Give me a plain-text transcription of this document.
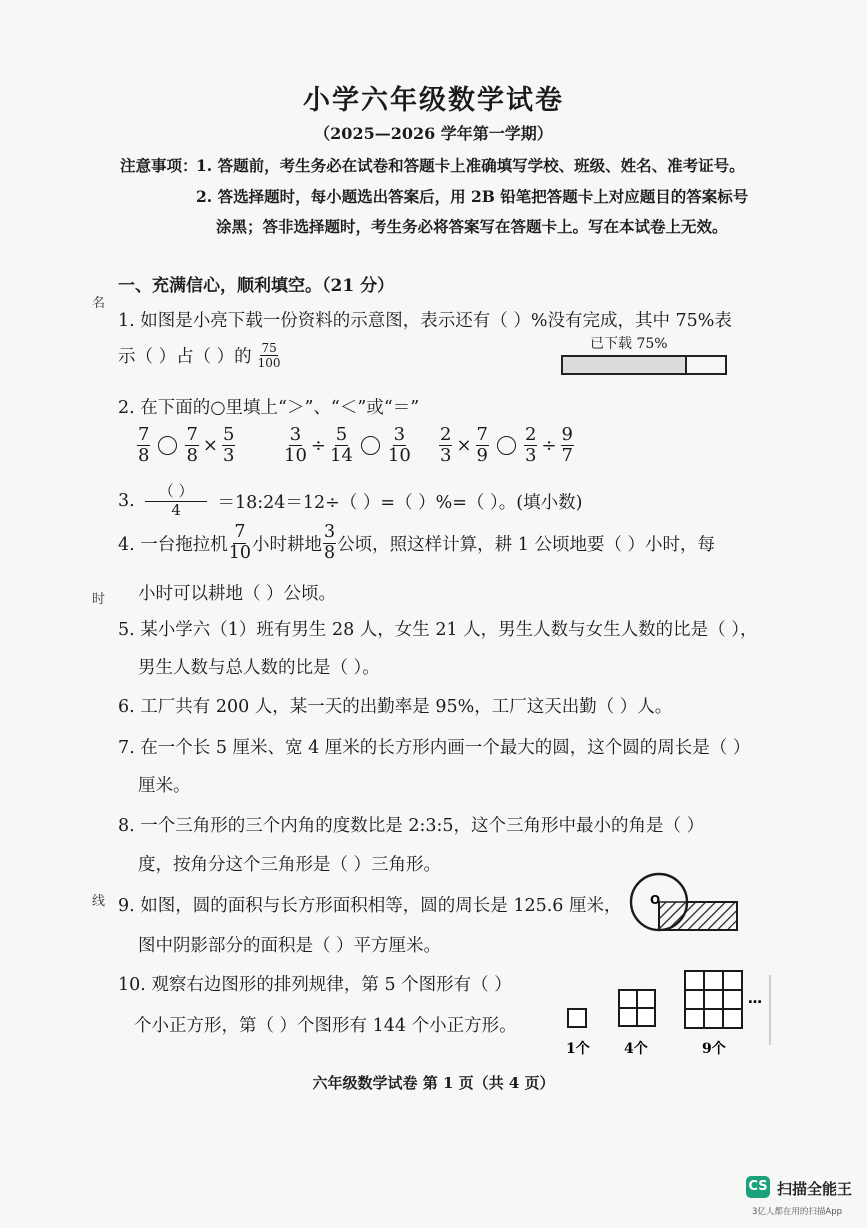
小学六年级数学试卷
（2025—2026 学年第一学期）
注意事项：
1. 答题前，考生务必在试卷和答题卡上准确填写学校、班级、姓名、准考证号。
2. 答选择题时，每小题选出答案后，用 2B 铅笔把答题卡上对应题目的答案标号
涂黑；答非选择题时，考生务必将答案写在答题卡上。写在本试卷上无效。
名
时
线
一、充满信心，顺利填空。（21 分）
1. 如图是小亮下载一份资料的示意图，表示还有（ ）%没有完成，其中 75%表
示（ ）占（ ）的 $\frac{75}{100}$	已下载 75%
2. 在下面的○里填上“＞”、“＜”或“＝”
$\frac{7}{8} \frac{7}{8} \times \frac{5}{3}$	$\frac{3}{10} \div \frac{5}{14} \frac{3}{10} \frac{2}{3} \times \frac{7}{9} \frac{2}{3} \div \frac{9}{7}$
3. $\frac{( )}{4}$ ＝18:24＝12÷（ ）=（ ）%=（ ）。(填小数)
4. 一台拖拉机 $\frac{7}{10}$ 小时耕地 $\frac{3}{8}$ 公顷，照这样计算，耕 1 公顷地要（ ）小时，每
小时可以耕地（ ）公顷。
5. 某小学六（1）班有男生 28 人，女生 21 人，男生人数与女生人数的比是（ ），
男生人数与总人数的比是（ ）。
6. 工厂共有 200 人，某一天的出勤率是 95%，工厂这天出勤（ ）人。
7. 在一个长 5 厘米、宽 4 厘米的长方形内画一个最大的圆，这个圆的周长是（ ）
厘米。
8. 一个三角形的三个内角的度数比是 2:3:5，这个三角形中最小的角是（ ）
度，按角分这个三角形是（ ）三角形。
9. 如图，圆的面积与长方形面积相等，圆的周长是 125.6 厘米，
图中阴影部分的面积是（ ）平方厘米。
O
10. 观察右边图形的排列规律，第 5 个图形有（ ）
个小正方形，第（ ）个图形有 144 个小正方形。
…
1个 4个	9个
六年级数学试卷 第 1 页（共 4 页）
CS 扫描全能王
3亿人都在用的扫描App
